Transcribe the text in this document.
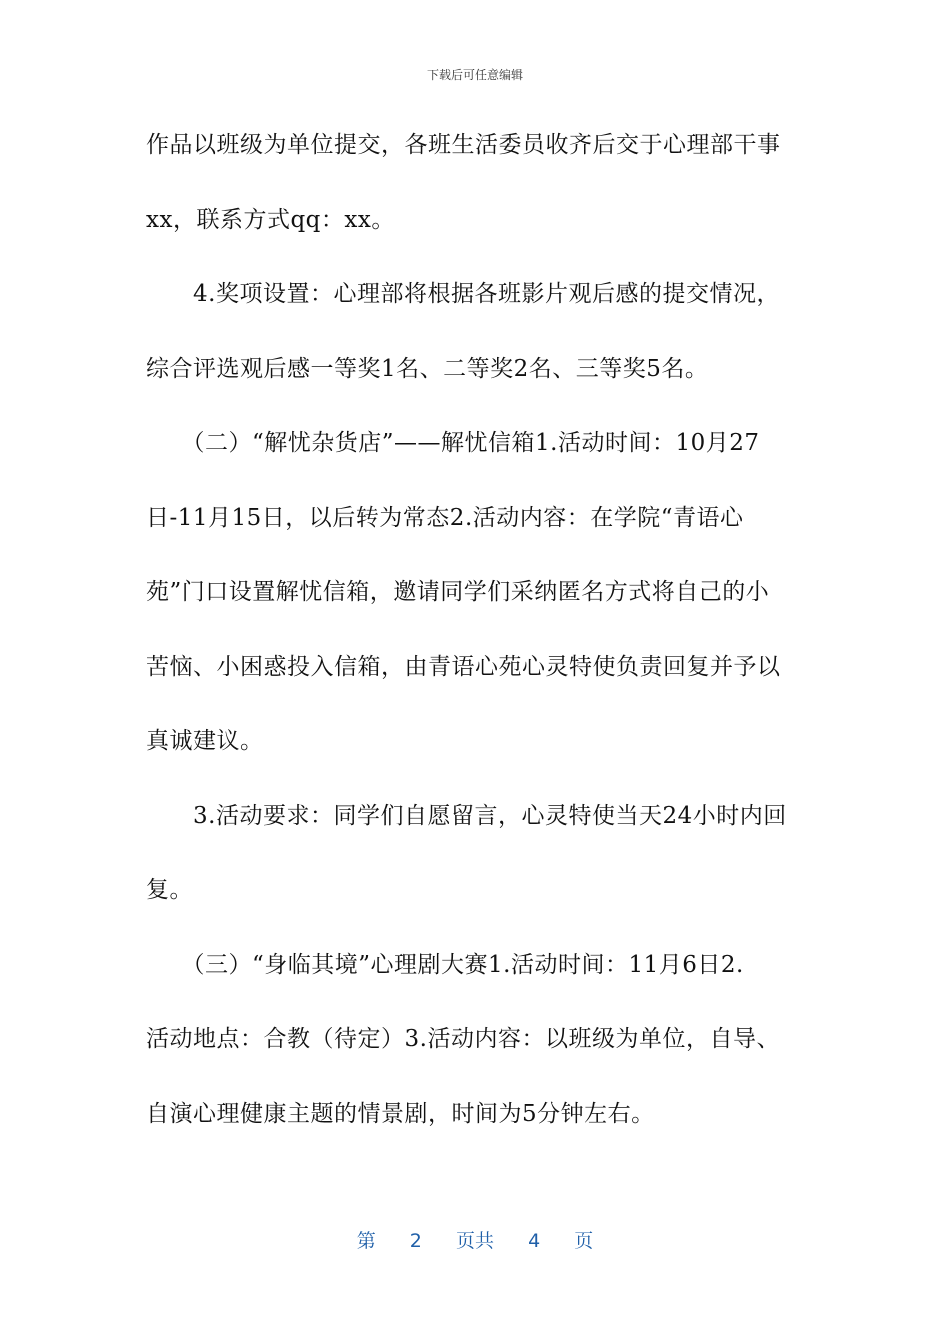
下载后可任意编辑
作品以班级为单位提交，各班生活委员收齐后交于心理部干事
xx，联系方式qq：xx。
　　4.奖项设置：心理部将根据各班影片观后感的提交情况，
综合评选观后感一等奖1名、二等奖2名、三等奖5名。
　　（二）“解忧杂货店”——解忧信箱1.活动时间：10月27
日-11月15日，以后转为常态2.活动内容：在学院“青语心
苑”门口设置解忧信箱，邀请同学们采纳匿名方式将自己的小
苦恼、小困惑投入信箱，由青语心苑心灵特使负责回复并予以
真诚建议。
　　3.活动要求：同学们自愿留言，心灵特使当天24小时内回
复。
　　（三）“身临其境”心理剧大赛1.活动时间：11月6日2.
活动地点：合教（待定）3.活动内容：以班级为单位，自导、
自演心理健康主题的情景剧，时间为5分钟左右。
第 2 页共 4 页
